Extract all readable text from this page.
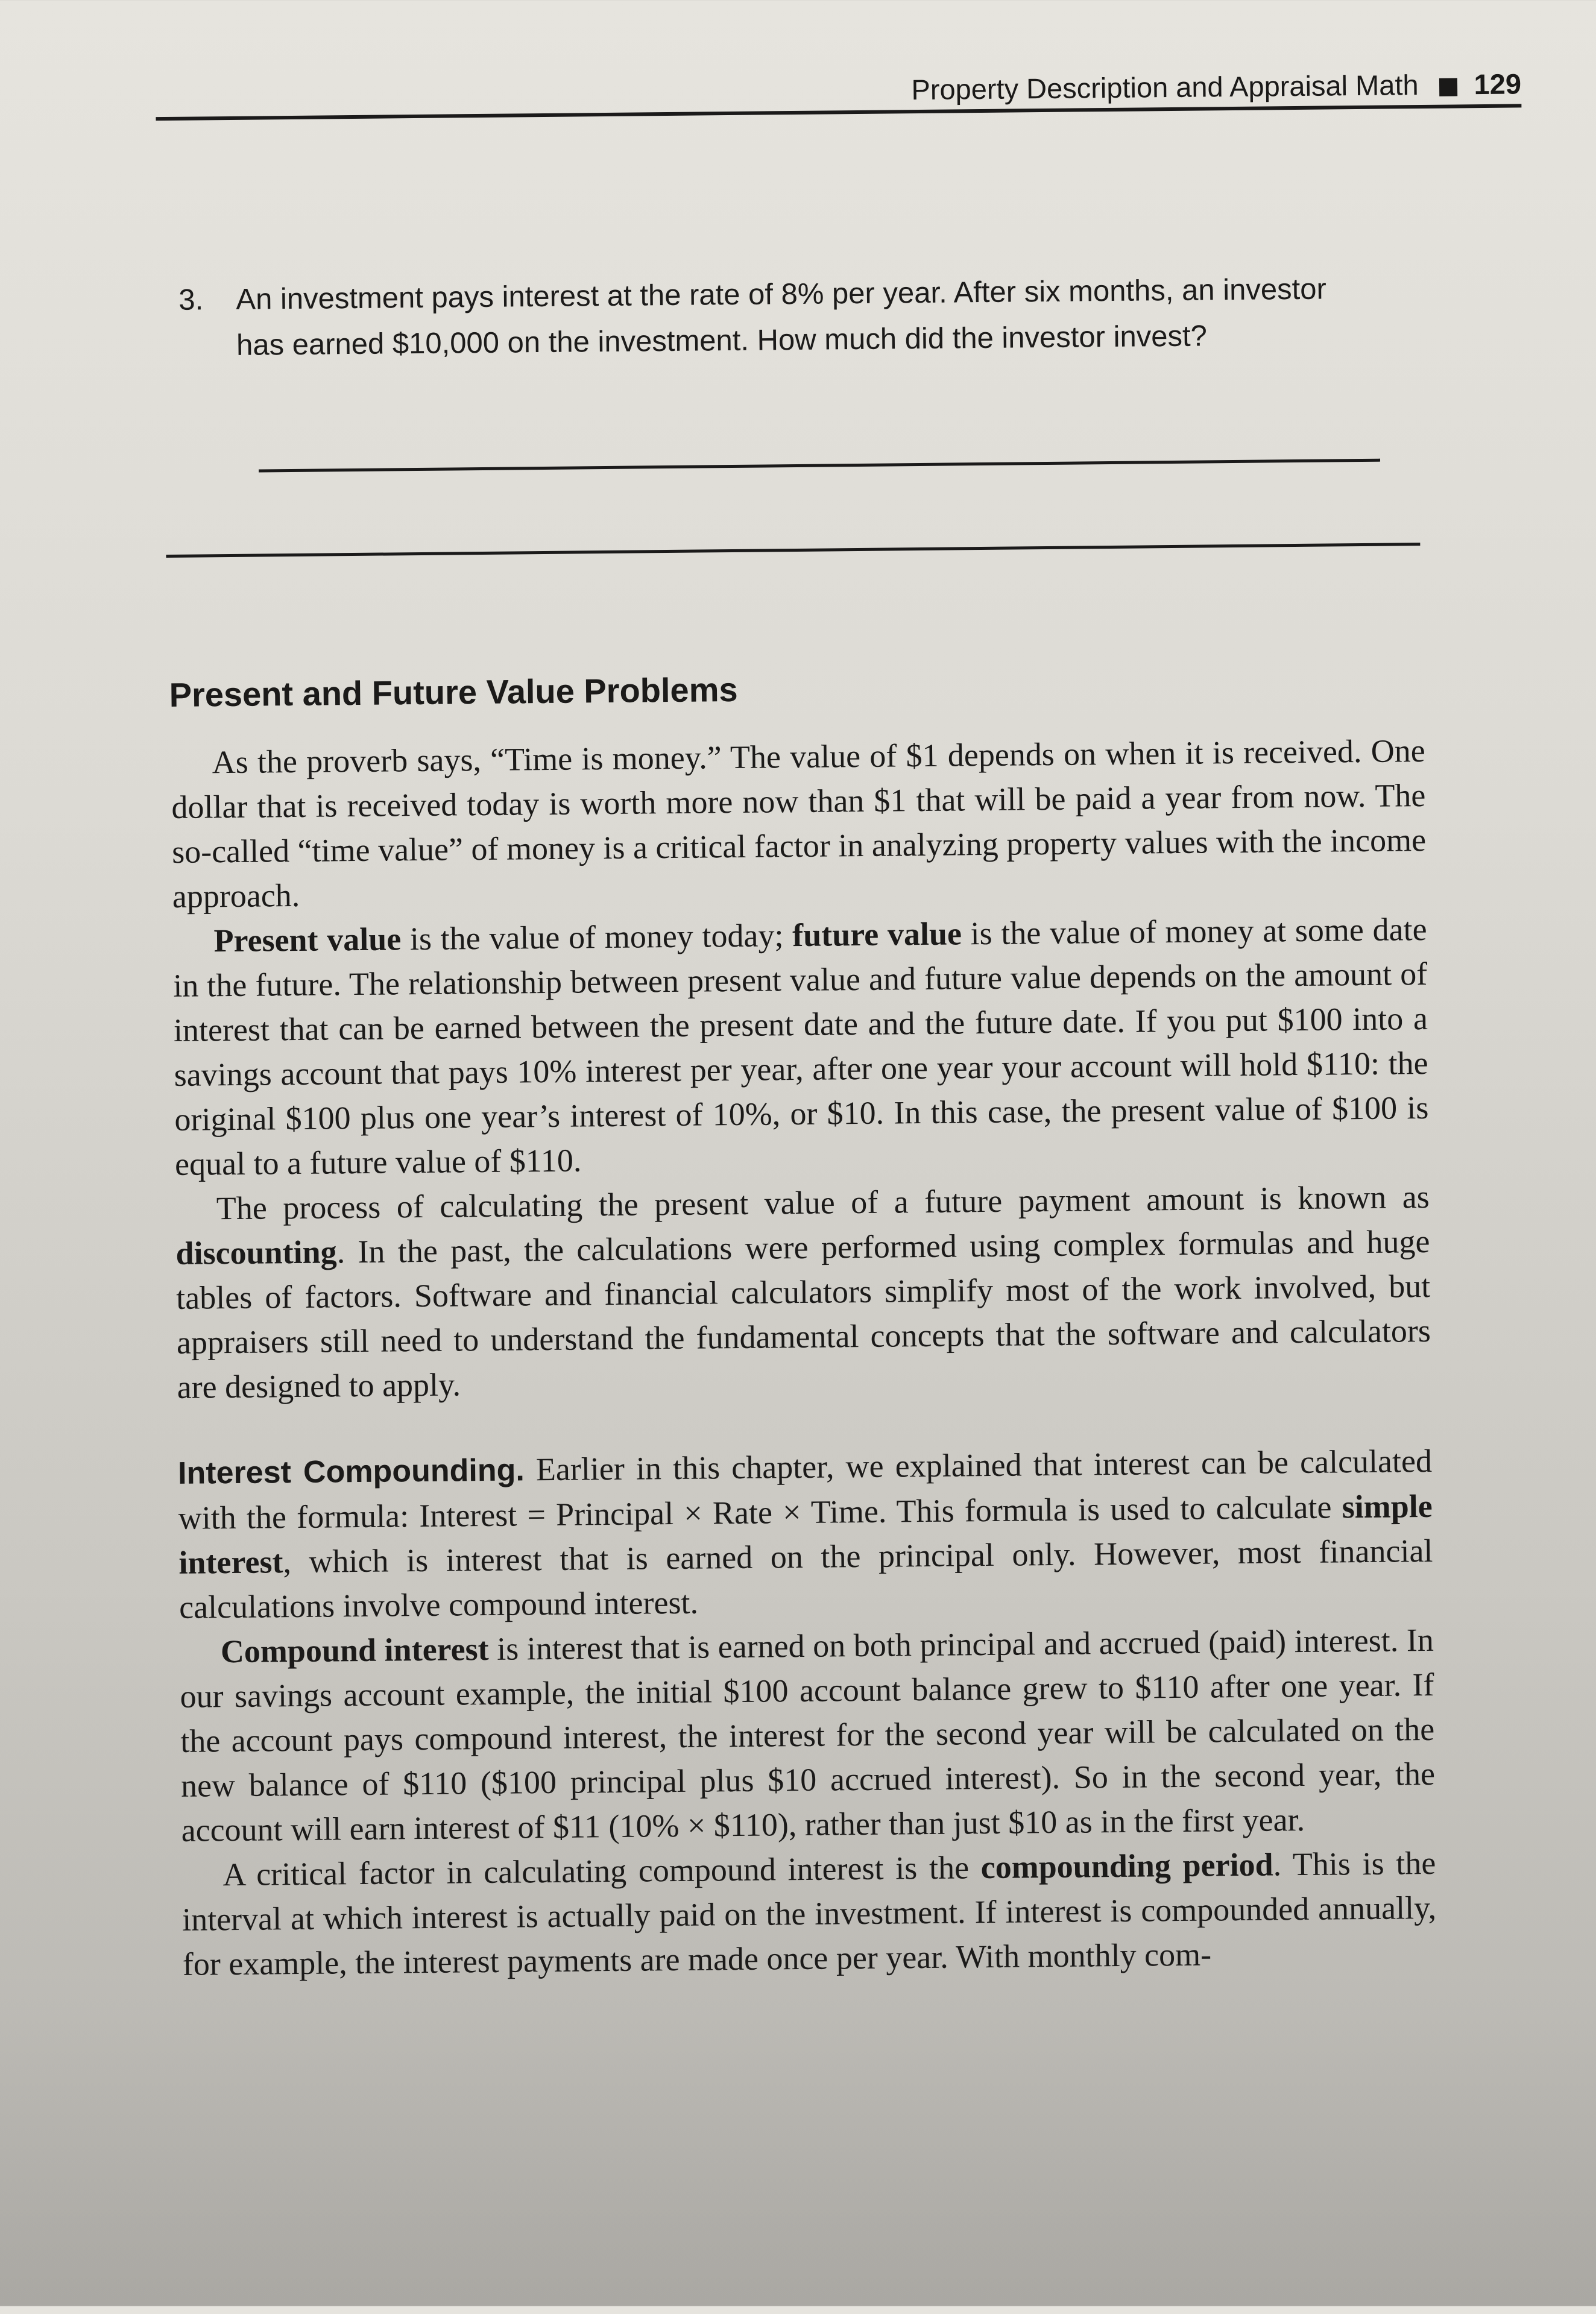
Property Description and Appraisal Math 129
3. An investment pays interest at the rate of 8% per year. After six months, an investor has earned $10,000 on the investment. How much did the investor invest?
Present and Future Value Problems

As the proverb says, “Time is money.” The value of $1 depends on when it is received. One dollar that is received today is worth more now than $1 that will be paid a year from now. The so-called “time value” of money is a critical factor in analyzing property values with the income approach.

Present value is the value of money today; future value is the value of money at some date in the future. The relationship between present value and future value depends on the amount of interest that can be earned between the present date and the future date. If you put $100 into a savings account that pays 10% interest per year, after one year your account will hold $110: the original $100 plus one year’s interest of 10%, or $10. In this case, the present value of $100 is equal to a future value of $110.

The process of calculating the present value of a future payment amount is known as discounting. In the past, the calculations were performed using complex formulas and huge tables of factors. Software and financial calculators simplify most of the work involved, but appraisers still need to understand the fundamental concepts that the software and calculators are designed to apply.

Interest Compounding. Earlier in this chapter, we explained that interest can be calculated with the formula: Interest = Principal × Rate × Time. This formula is used to calculate simple interest, which is interest that is earned on the principal only. However, most financial calculations involve compound interest.

Compound interest is interest that is earned on both principal and accrued (paid) interest. In our savings account example, the initial $100 account balance grew to $110 after one year. If the account pays compound interest, the interest for the second year will be calculated on the new balance of $110 ($100 principal plus $10 accrued interest). So in the second year, the account will earn interest of $11 (10% × $110), rather than just $10 as in the first year.

A critical factor in calculating compound interest is the compounding period. This is the interval at which interest is actually paid on the investment. If interest is compounded annually, for example, the interest payments are made once per year. With monthly com-
